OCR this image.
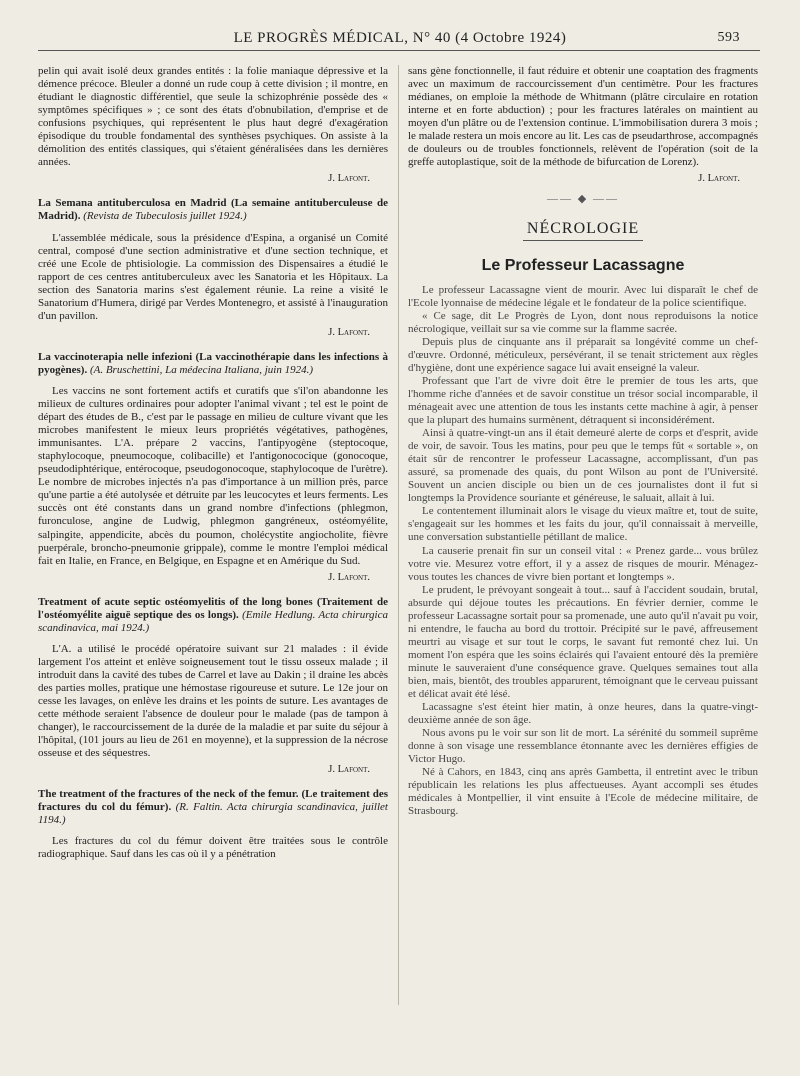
LE PROGRÈS MÉDICAL, N° 40 (4 Octobre 1924)	593

pelin qui avait isolé deux grandes entités : la folie maniaque dépressive et la démence précoce. Bleuler a donné un rude coup à cette division ; il montre, en étudiant le diagnostic différentiel, que seule la schizophrénie possède des « symptômes spécifiques » ; ce sont des états d'obnubilation, d'emprise et de confusions psychiques, qui représentent le plus haut degré d'exagération épisodique du trouble fondamental des synthèses psychiques. On assiste à la démolition des entités classiques, qui s'étaient généralisées dans les dernières années.

J. Lafont.
La Semana antituberculosa en Madrid (La semaine antituberculeuse de Madrid). (Revista de Tubeculosis juillet 1924.)

L'assemblée médicale, sous la présidence d'Espina, a organisé un Comité central, composé d'une section administrative et d'une section technique, et créé une Ecole de phtisiologie. La commission des Dispensaires a étudié le rapport de ces centres antituberculeux avec les Sanatoria et les Hôpitaux. La section des Sanatoria marins s'est également réunie. La reine a visité le Sanatorium d'Humera, dirigé par Verdes Montenegro, et assisté à l'inauguration d'un pavillon.

J. Lafont.
La vaccinoterapia nelle infezioni (La vaccinothérapie dans les infections à pyogènes). (A. Bruschettini, La médecina Italiana, juin 1924.)

Les vaccins ne sont fortement actifs et curatifs que s'il'on abandonne les milieux de cultures ordinaires pour adopter l'animal vivant ; tel est le point de départ des études de B., c'est par le passage en milieu de culture vivant que les microbes manifestent le mieux leurs propriétés végétatives, pathogènes, immunisantes. L'A. prépare 2 vaccins, l'antipyogène (steptocoque, staphylocoque, pneumocoque, colibacille) et l'antigonococique (gonocoque, pseudodiphtérique, entérocoque, pseudogonocoque, staphylocoque de l'urètre). Le nombre de microbes injectés n'a pas d'importance à un million près, parce qu'une partie a été autolysée et détruite par les leucocytes et leurs ferments. Les succès ont été constants dans un grand nombre d'infections (phlegmon, furonculose, angine de Ludwig, phlegmon gangréneux, ostéomyélite, salpingite, appendicite, abcès du poumon, cholécystite angiocholite, fièvre puerpérale, broncho-pneumonie grippale), comme le montre l'emploi médical fait en Italie, en France, en Belgique, en Espagne et en Amérique du Sud.

J. Lafont.
Treatment of acute septic ostéomyelitis of the long bones (Traitement de l'ostéomyélite aiguë septique des os longs). (Emile Hedlung. Acta chirurgica scandinavica, mai 1924.)

L'A. a utilisé le procédé opératoire suivant sur 21 malades : il évide largement l'os atteint et enlève soigneusement tout le tissu osseux malade ; il introduit dans la cavité des tubes de Carrel et lave au Dakin ; il draine les abcès des parties molles, pratique une hémostase rigoureuse et suture. Le 12e jour on cesse les lavages, on enlève les drains et les points de suture. Les avantages de cette méthode seraient l'absence de douleur pour le malade (pas de tampon à changer), le raccourcissement de la durée de la maladie et par suite du séjour à l'hôpital, (101 jours au lieu de 261 en moyenne), et la suppression de la nécrose osseuse et des séquestres.

J. Lafont.
The treatment of the fractures of the neck of the femur. (Le traitement des fractures du col du fémur). (R. Faltin. Acta chirurgia scandinavica, juillet 1194.)

Les fractures du col du fémur doivent être traitées sous le contrôle radiographique. Sauf dans les cas où il y a pénétration

sans gène fonctionnelle, il faut réduire et obtenir une coaptation des fragments avec un maximum de raccourcissement d'un centimètre. Pour les fractures médianes, on emploie la méthode de Whitmann (plâtre circulaire en rotation interne et en forte abduction) ; pour les fractures latérales on maintient au moyen d'un plâtre ou de l'extension continue. L'immobilisation durera 3 mois ; le malade restera un mois encore au lit. Les cas de pseudarthrose, accompagnés de douleurs ou de troubles fonctionnels, relèvent de l'opération (soit de la greffe autoplastique, soit de la méthode de bifurcation de Lorenz).

J. Lafont.
—— ◆ ——
NÉCROLOGIE
Le Professeur Lacassagne

Le professeur Lacassagne vient de mourir. Avec lui disparaît le chef de l'Ecole lyonnaise de médecine légale et le fondateur de la police scientifique.

« Ce sage, dit Le Progrès de Lyon, dont nous reproduisons la notice nécrologique, veillait sur sa vie comme sur la flamme sacrée.

Depuis plus de cinquante ans il préparait sa longévité comme un chef-d'œuvre. Ordonné, méticuleux, persévérant, il se tenait strictement aux règles d'hygiène, dont une expérience sagace lui avait enseigné la valeur.

Professant que l'art de vivre doit être le premier de tous les arts, que l'homme riche d'années et de savoir constitue un trésor social incomparable, il ménageait avec une attention de tous les instants cette machine à agir, à penser que la plupart des humains surmènent, détraquent si inconsidérément.

Ainsi à quatre-vingt-un ans il était demeuré alerte de corps et d'esprit, avide de voir, de savoir. Tous les matins, pour peu que le temps fût « sortable », on était sûr de rencontrer le professeur Lacassagne, accomplissant, d'un pas assuré, sa promenade des quais, du pont Wilson au pont de l'Université. Souvent un ancien disciple ou bien un de ces journalistes dont il fut si longtemps la Providence souriante et généreuse, le saluait, allait à lui.

Le contentement illuminait alors le visage du vieux maître et, tout de suite, s'engageait sur les hommes et les faits du jour, qu'il connaissait à merveille, une conversation substantielle pétillant de malice.

La causerie prenait fin sur un conseil vital : « Prenez garde... vous brûlez votre vie. Mesurez votre effort, il y a assez de risques de mourir. Ménagez-vous toutes les chances de vivre bien portant et longtemps ».

Le prudent, le prévoyant songeait à tout... sauf à l'accident soudain, brutal, absurde qui déjoue toutes les précautions. En février dernier, comme le professeur Lacassagne sortait pour sa promenade, une auto qu'il n'avait pu voir, ni entendre, le faucha au bord du trottoir. Précipité sur le pavé, affreusement meurtri au visage et sur tout le corps, le savant fut remonté chez lui. Un moment l'on espéra que les soins éclairés qui l'avaient entouré dès la première minute le sauveraient d'une conséquence grave. Quelques semaines tout alla bien, mais, bientôt, des troubles apparurent, témoignant que le cerveau puissant et délicat avait été lésé.

Lacassagne s'est éteint hier matin, à onze heures, dans la quatre-vingt-deuxième année de son âge.

Nous avons pu le voir sur son lit de mort. La sérénité du sommeil suprême donne à son visage une ressemblance étonnante avec les dernières effigies de Victor Hugo.

Né à Cahors, en 1843, cinq ans après Gambetta, il entretint avec le tribun républicain les relations les plus affectueuses. Ayant accompli ses études médicales à Montpellier, il vint ensuite à l'Ecole de médecine militaire, de Strasbourg.
